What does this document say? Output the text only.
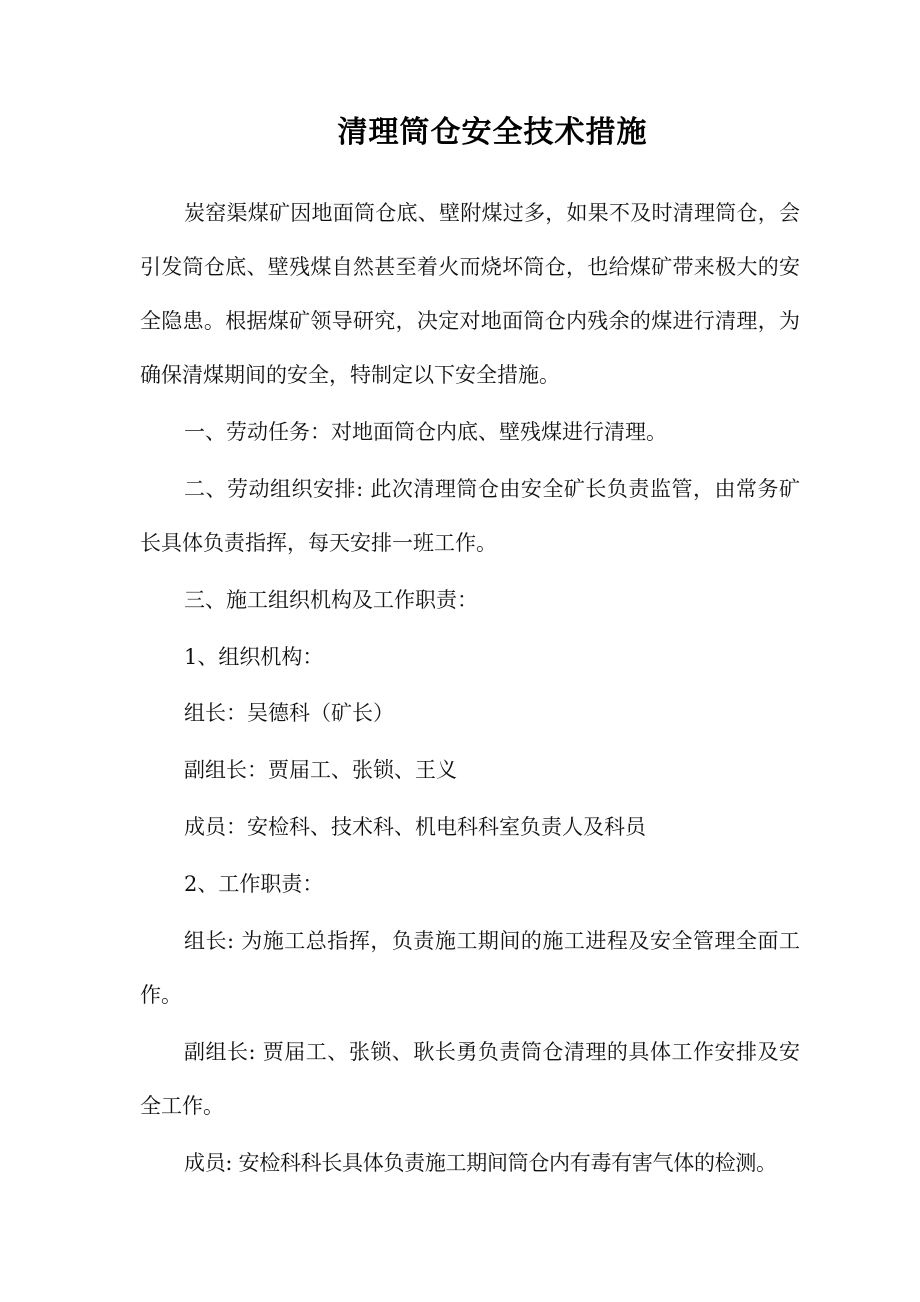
清理筒仓安全技术措施

炭窑渠煤矿因地面筒仓底、壁附煤过多，如果不及时清理筒仓，会引发筒仓底、壁残煤自然甚至着火而烧坏筒仓，也给煤矿带来极大的安全隐患。根据煤矿领导研究，决定对地面筒仓内残余的煤进行清理，为确保清煤期间的安全，特制定以下安全措施。

一、劳动任务：对地面筒仓内底、壁残煤进行清理。

二、劳动组织安排: 此次清理筒仓由安全矿长负责监管，由常务矿长具体负责指挥，每天安排一班工作。

三、施工组织机构及工作职责：

1、组织机构：

组长：吴德科（矿长）

副组长：贾届工、张锁、王义

成员：安检科、技术科、机电科科室负责人及科员

2、工作职责：

组长: 为施工总指挥，负责施工期间的施工进程及安全管理全面工作。

副组长: 贾届工、张锁、耿长勇负责筒仓清理的具体工作安排及安全工作。

成员: 安检科科长具体负责施工期间筒仓内有毒有害气体的检测。
